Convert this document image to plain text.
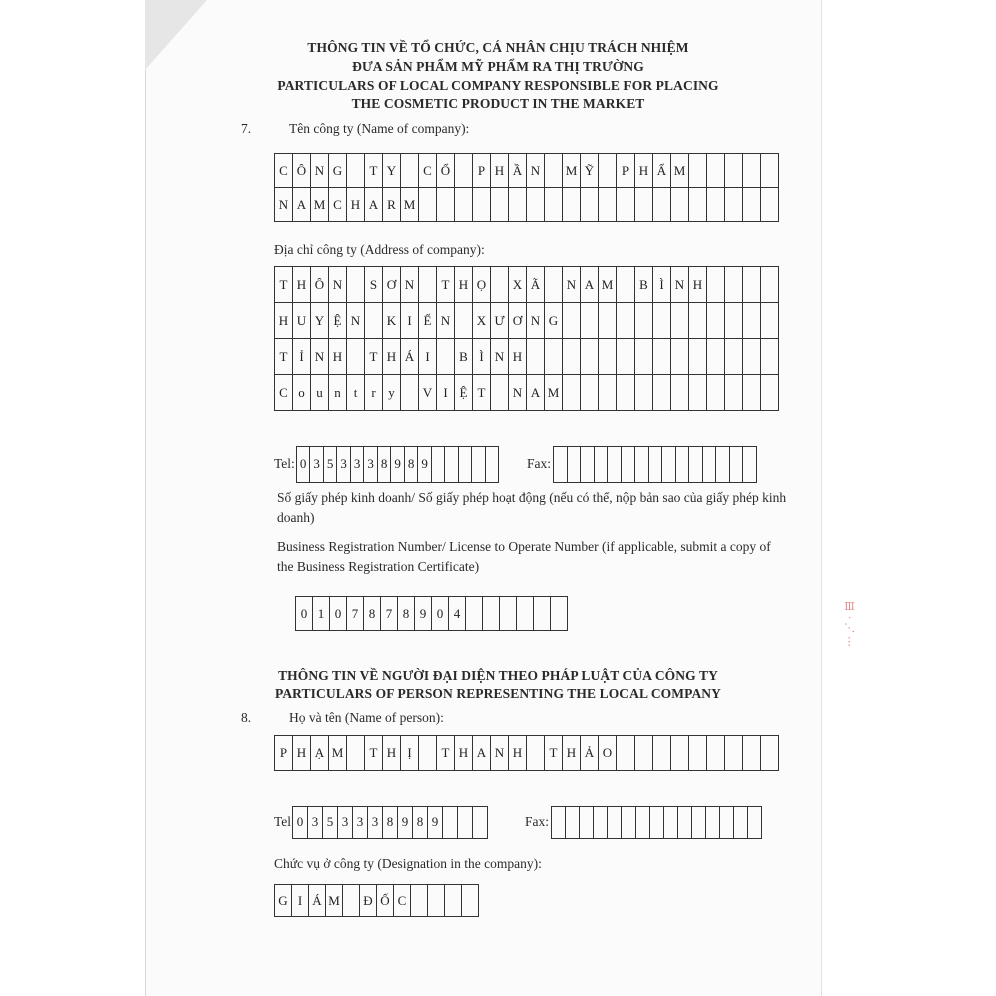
THÔNG TIN VỀ TỔ CHỨC, CÁ NHÂN CHỊU TRÁCH NHIỆM
ĐƯA SẢN PHẨM MỸ PHẨM RA THỊ TRƯỜNG
PARTICULARS OF LOCAL COMPANY RESPONSIBLE FOR PLACING
THE COSMETIC PRODUCT IN THE MARKET
7.	Tên công ty (Name of company):
C Ô N G	T Y	C Ổ	P H Ầ N	M Ỹ	P H Ẩ M
N A M C H A R M
Địa chỉ công ty (Address of company):
T H Ô N	S Ơ N	T H Ọ	X Ã	N A M	B Ì N H
H U Y Ệ N	K I Ế N	X Ư Ơ N G
T Ỉ N H	T H Á I	B Ì N H
C o u n t	r y	V I Ệ T	N A M
Tel: 0 3 5 3 3 3 8 9 8 9	Fax:
Số giấy phép kinh doanh/ Số giấy phép hoạt động (nếu có thể, nộp bản sao của giấy phép kinh doanh)
Business Registration Number/ License to Operate Number (if applicable, submit a copy of the Business Registration Certificate)
0 1 0 7 8 7 8 9 0 4
THÔNG TIN VỀ NGƯỜI ĐẠI DIỆN THEO PHÁP LUẬT CỦA CÔNG TY
PARTICULARS OF PERSON REPRESENTING THE LOCAL COMPANY
8.	Họ và tên (Name of person):
P H Ạ M	T H Ị	T H A N H	T H Ả O
Tel 0 3 5 3 3 3 8 9 8 9	Fax:
Chức vụ ở công ty (Designation in the company):
G I Á M Đ Ố C
Ⅲ ⋅ ⋰ ⋯
